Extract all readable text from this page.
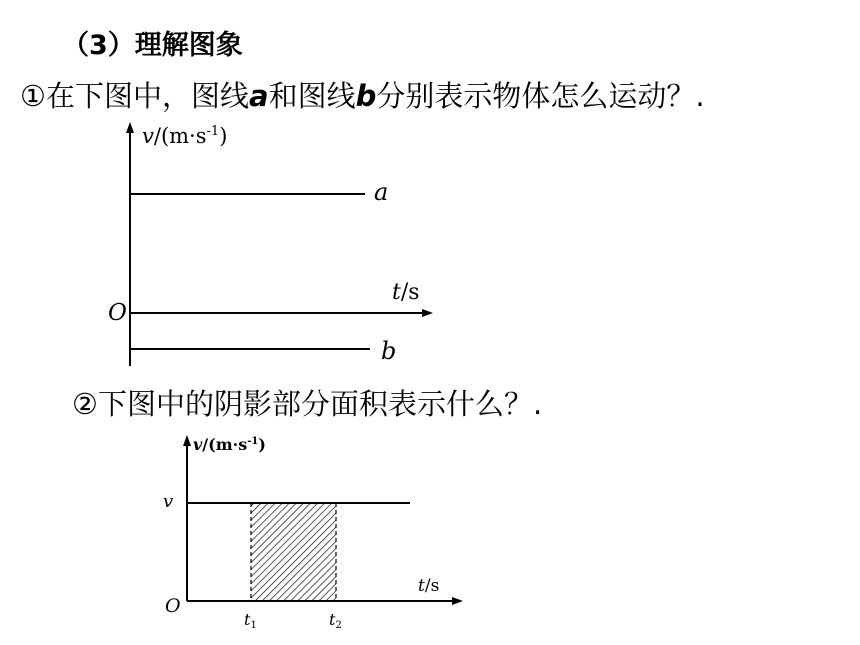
（3）理解图象
①在下图中，图线a和图线b分别表示物体怎么运动？.
$v/(m\cdot s^{-1})$
a
b
t/s
O
②下图中的阴影部分面积表示什么？.
$v/(m\cdot s^{-1})$
v
t/s
O
t1	t2
